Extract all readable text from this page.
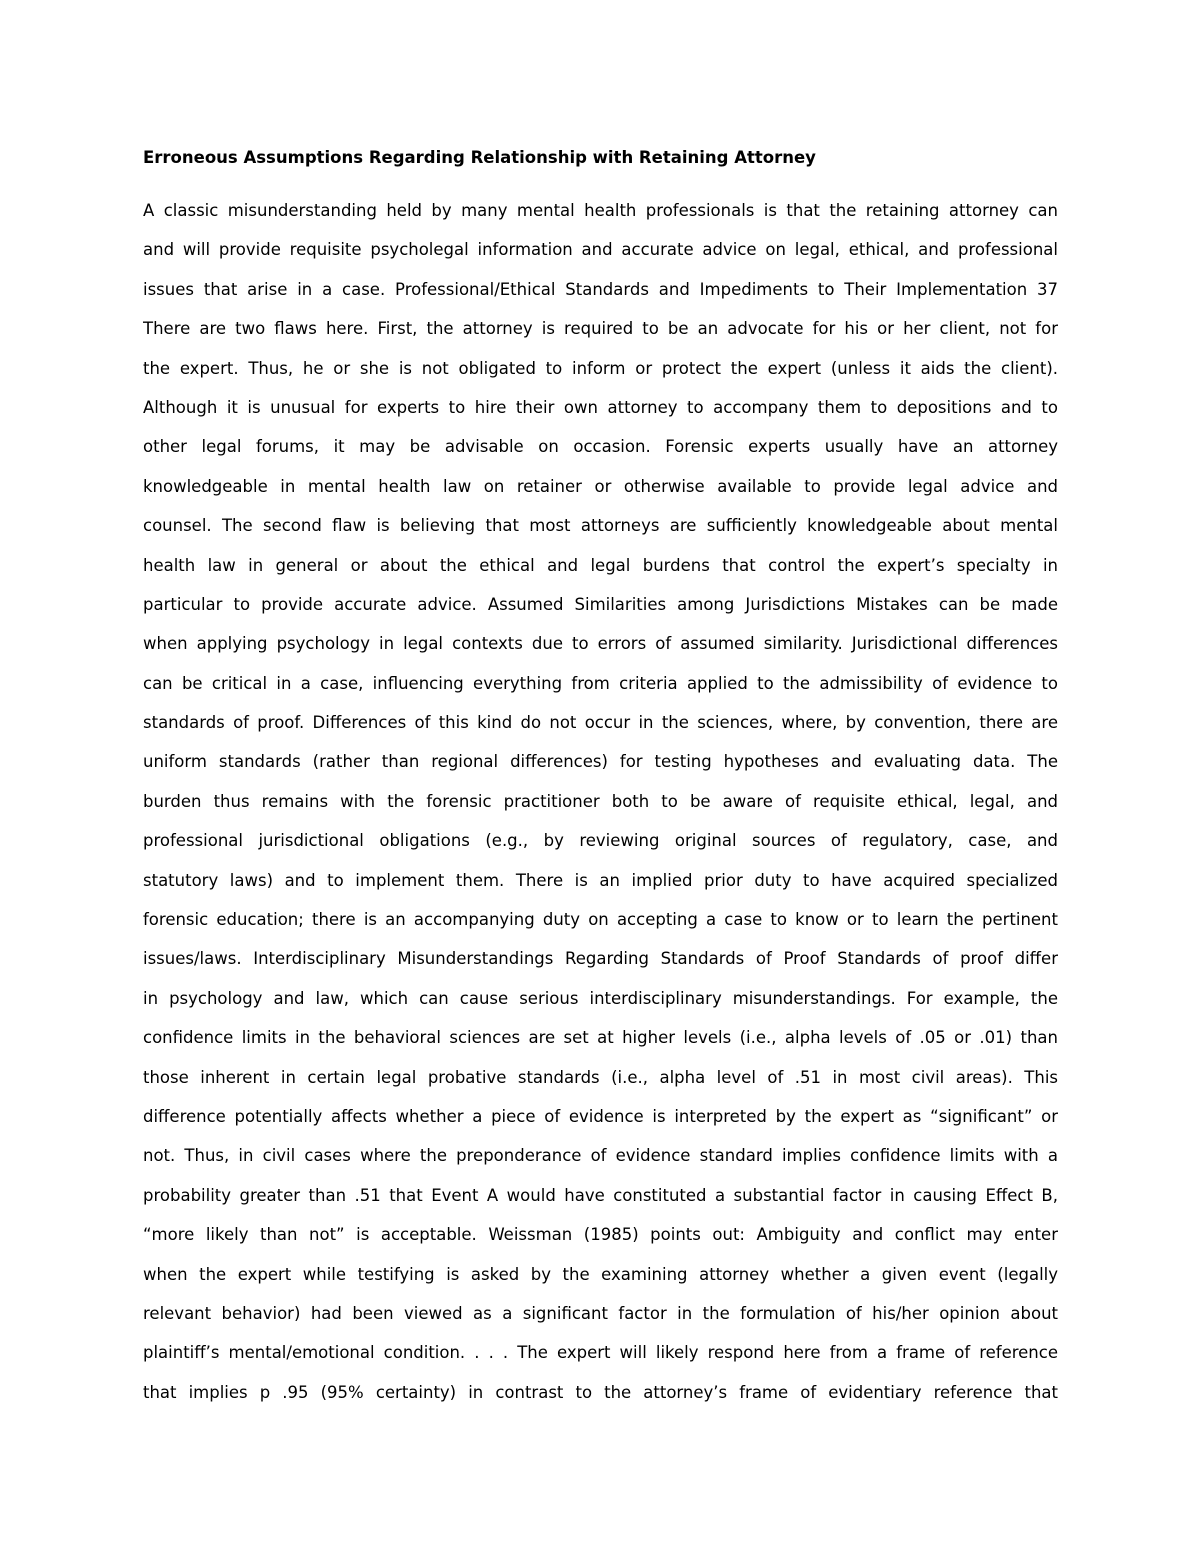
Erroneous Assumptions Regarding Relationship with Retaining Attorney
A classic misunderstanding held by many mental health professionals is that the retaining attorney can
and will provide requisite psycholegal information and accurate advice on legal, ethical, and professional
issues that arise in a case. Professional/Ethical Standards and Impediments to Their Implementation 37
There are two flaws here. First, the attorney is required to be an advocate for his or her client, not for
the expert. Thus, he or she is not obligated to inform or protect the expert (unless it aids the client).
Although it is unusual for experts to hire their own attorney to accompany them to depositions and to
other legal forums, it may be advisable on occasion. Forensic experts usually have an attorney
knowledgeable in mental health law on retainer or otherwise available to provide legal advice and
counsel. The second flaw is believing that most attorneys are sufficiently knowledgeable about mental
health law in general or about the ethical and legal burdens that control the expert’s specialty in
particular to provide accurate advice. Assumed Similarities among Jurisdictions Mistakes can be made
when applying psychology in legal contexts due to errors of assumed similarity. Jurisdictional differences
can be critical in a case, influencing everything from criteria applied to the admissibility of evidence to
standards of proof. Differences of this kind do not occur in the sciences, where, by convention, there are
uniform standards (rather than regional differences) for testing hypotheses and evaluating data. The
burden thus remains with the forensic practitioner both to be aware of requisite ethical, legal, and
professional jurisdictional obligations (e.g., by reviewing original sources of regulatory, case, and
statutory laws) and to implement them. There is an implied prior duty to have acquired specialized
forensic education; there is an accompanying duty on accepting a case to know or to learn the pertinent
issues/laws. Interdisciplinary Misunderstandings Regarding Standards of Proof Standards of proof differ
in psychology and law, which can cause serious interdisciplinary misunderstandings. For example, the
confidence limits in the behavioral sciences are set at higher levels (i.e., alpha levels of .05 or .01) than
those inherent in certain legal probative standards (i.e., alpha level of .51 in most civil areas). This
difference potentially affects whether a piece of evidence is interpreted by the expert as “significant” or
not. Thus, in civil cases where the preponderance of evidence standard implies confidence limits with a
probability greater than .51 that Event A would have constituted a substantial factor in causing Effect B,
“more likely than not” is acceptable. Weissman (1985) points out: Ambiguity and conflict may enter
when the expert while testifying is asked by the examining attorney whether a given event (legally
relevant behavior) had been viewed as a significant factor in the formulation of his/her opinion about
plaintiff’s mental/emotional condition. . . . The expert will likely respond here from a frame of reference
that implies p .95 (95% certainty) in contrast to the attorney’s frame of evidentiary reference that
